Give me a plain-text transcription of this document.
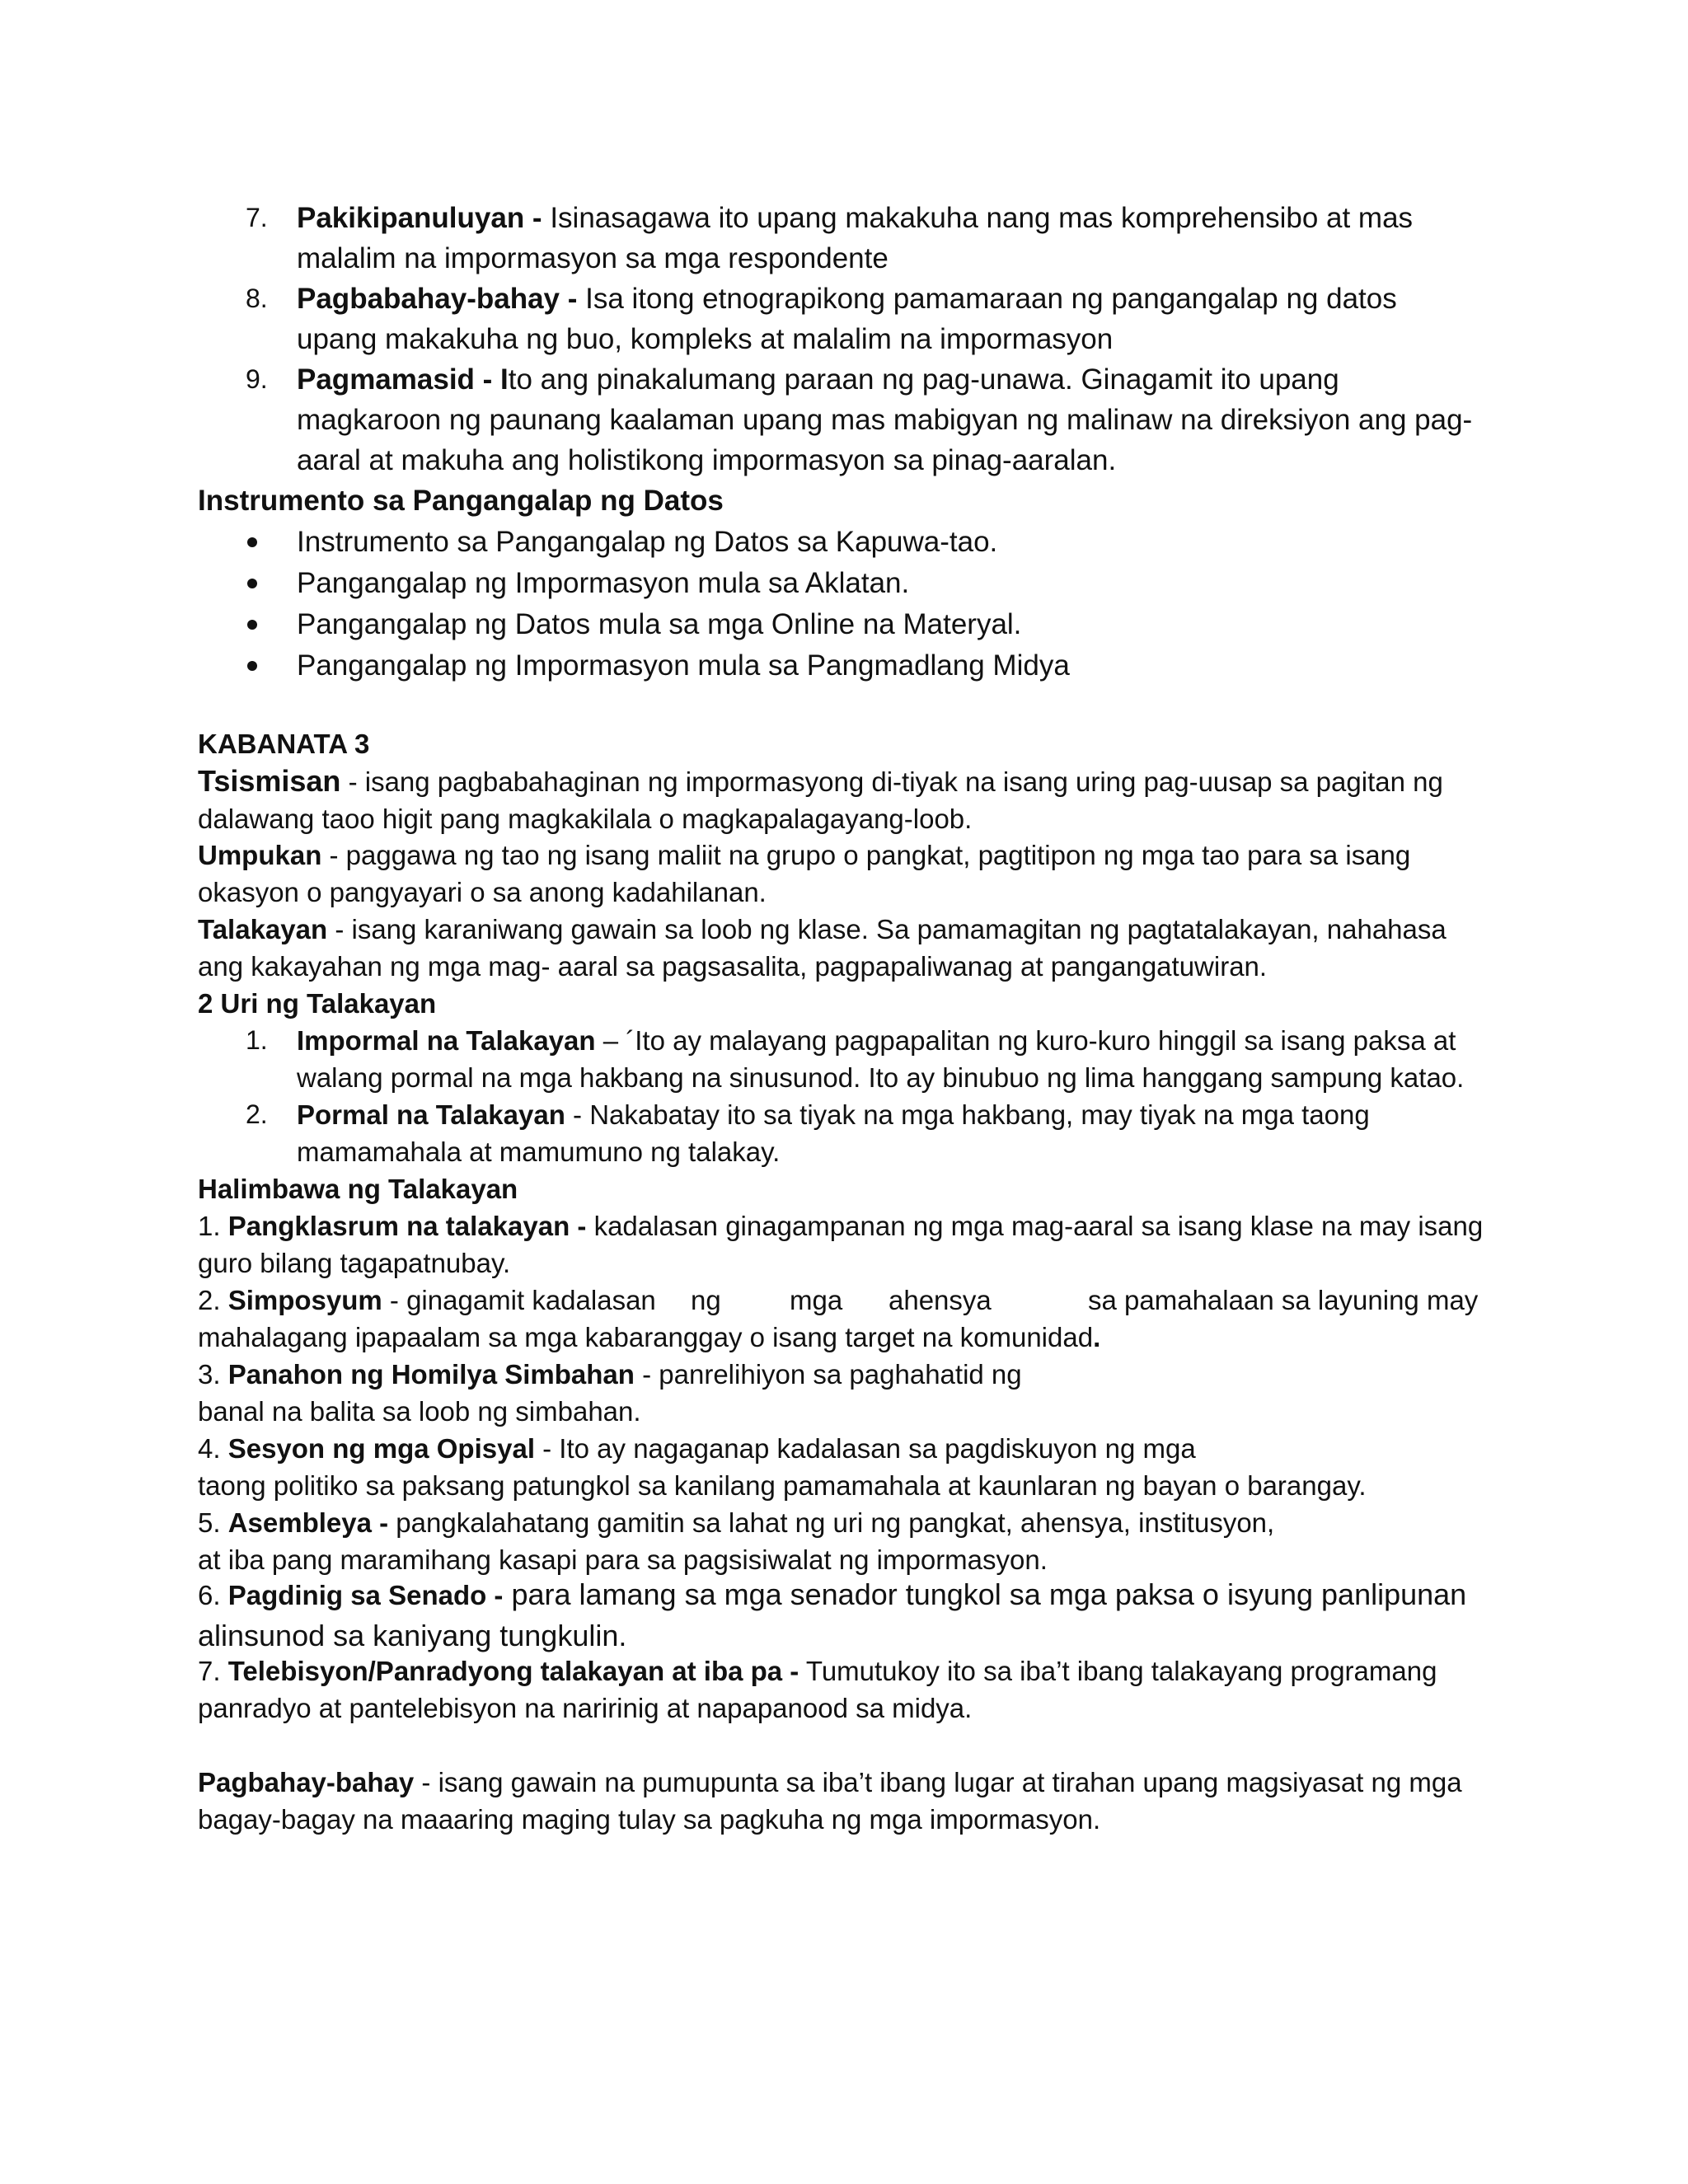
7. Pakikipanuluyan - Isinasagawa ito upang makakuha nang mas komprehensibo at mas malalim na impormasyon sa mga respondente
8. Pagbabahay-bahay - Isa itong etnograpikong pamamaraan ng pangangalap ng datos upang makakuha ng buo, kompleks at malalim na impormasyon
9. Pagmamasid - Ito ang pinakalumang paraan ng pag-unawa. Ginagamit ito upang magkaroon ng paunang kaalaman upang mas mabigyan ng malinaw na direksiyon ang pag-aaral at makuha ang holistikong impormasyon sa pinag-aaralan.
Instrumento sa Pangangalap ng Datos
Instrumento sa Pangangalap ng Datos sa Kapuwa-tao.
Pangangalap ng Impormasyon mula sa Aklatan.
Pangangalap ng Datos mula sa mga Online na Materyal.
Pangangalap ng Impormasyon mula sa Pangmadlang Midya
KABANATA 3
Tsismisan - isang pagbabahaginan ng impormasyong di-tiyak na isang uring pag-uusap sa pagitan ng dalawang taoo higit pang magkakilala o magkapalagayang-loob.
Umpukan - paggawa ng tao ng isang maliit na grupo o pangkat, pagtitipon ng mga tao para sa isang okasyon o pangyayari o sa anong kadahilanan.
Talakayan - isang karaniwang gawain sa loob ng klase. Sa pamamagitan ng pagtatalakayan, nahahasa ang kakayahan ng mga mag- aaral sa pagsasalita, pagpapaliwanag at pangangatuwiran.
2 Uri ng Talakayan
1. Impormal na Talakayan – ´Ito ay malayang pagpapalitan ng kuro-kuro hinggil sa isang paksa at walang pormal na mga hakbang na sinusunod. Ito ay binubuo ng lima hanggang sampung katao.
2. Pormal na Talakayan - Nakabatay ito sa tiyak na mga hakbang, may tiyak na mga taong mamamahala at mamumuno ng talakay.
Halimbawa ng Talakayan
1. Pangklasrum na talakayan - kadalasan ginagampanan ng mga mag-aaral sa isang klase na may isang guro bilang tagapatnubay.
2. Simposyum - ginagamit kadalasan ng	mga ahensya	sa pamahalaan sa layuning may
mahalagang ipapaalam sa mga kabaranggay o isang target na komunidad.
3. Panahon ng Homilya Simbahan - panrelihiyon sa paghahatid ng
banal na balita sa loob ng simbahan.
4. Sesyon ng mga Opisyal - Ito ay nagaganap kadalasan sa pagdiskuyon ng mga
taong politiko sa paksang patungkol sa kanilang pamamahala at kaunlaran ng bayan o barangay.
5. Asembleya - pangkalahatang gamitin sa lahat ng uri ng pangkat, ahensya, institusyon,
at iba pang maramihang kasapi para sa pagsisiwalat ng impormasyon.
6. Pagdinig sa Senado - para lamang sa mga senador tungkol sa mga paksa o isyung panlipunan alinsunod sa kaniyang tungkulin.
7. Telebisyon/Panradyong talakayan at iba pa - Tumutukoy ito sa iba’t ibang talakayang programang panradyo at pantelebisyon na naririnig at napapanood sa midya.
Pagbahay-bahay - isang gawain na pumupunta sa iba’t ibang lugar at tirahan upang magsiyasat ng mga bagay-bagay na maaaring maging tulay sa pagkuha ng mga impormasyon.
